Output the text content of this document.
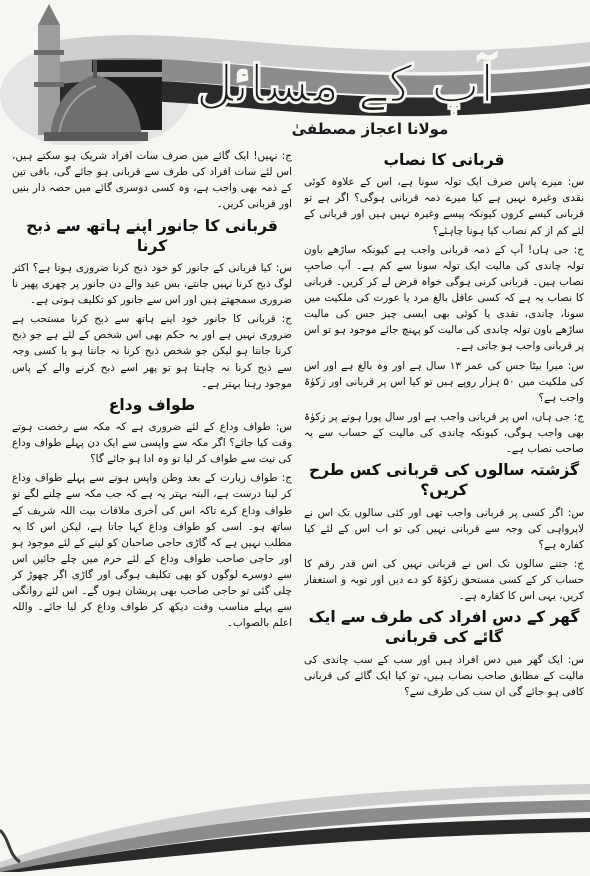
آپ کے مسائل
مولانا اعجاز مصطفیٰ
قربانی کا نصاب

س: میرے پاس صرف ایک تولہ سونا ہے، اس کے علاوہ کوئی نقدی وغیرہ نہیں ہے کیا میرے ذمہ قربانی ہوگی؟ اگر ہے تو قربانی کیسے کروں کیونکہ پیسے وغیرہ نہیں ہیں اور قربانی کے لئے کم از کم نصاب کیا ہونا چاہئے؟

ج: جی ہاں! آپ کے ذمہ قربانی واجب ہے کیونکہ ساڑھے باون تولہ چاندی کی مالیت ایک تولہ سونا سے کم ہے۔ آپ صاحبِ نصاب ہیں۔ قربانی کرنی ہوگی خواہ قرض لے کر کریں۔ قربانی کا نصاب یہ ہے کہ کسی عاقل بالغ مرد یا عورت کی ملکیت میں سونا، چاندی، نقدی یا کوئی بھی ایسی چیز جس کی مالیت ساڑھے باون تولہ چاندی کی مالیت کو پہنچ جائے موجود ہو تو اس پر قربانی واجب ہو جاتی ہے۔

س: میرا بیٹا جس کی عمر ۱۳ سال ہے اور وہ بالغ ہے اور اس کی ملکیت میں ۵۰ ہزار روپے ہیں تو کیا اس پر قربانی اور زکوٰۃ واجب ہے؟

ج: جی ہاں، اس پر قربانی واجب ہے اور سال پورا ہونے پر زکوٰۃ بھی واجب ہوگی، کیونکہ چاندی کی مالیت کے حساب سے یہ صاحب نصاب ہے۔

گزشتہ سالوں کی قربانی کس طرح کریں؟

س: اگر کسی پر قربانی واجب تھی اور کئی سالوں تک اس نے لاپرواہی کی وجہ سے قربانی نہیں کی تو اب اس کے لئے کیا کفارہ ہے؟

ج: جتنے سالوں تک اس نے قربانی نہیں کی اس قدر رقم کا حساب کر کے کسی مستحق زکوٰۃ کو دے دیں اور توبہ و استغفار کریں، یہی اس کا کفارہ ہے۔

گھر کے دس افراد کی طرف سے ایک گائے کی قربانی

س: ایک گھر میں دس افراد ہیں اور سب کے سب چاندی کی مالیت کے مطابق صاحب نصاب ہیں، تو کیا ایک گائے کی قربانی کافی ہو جائے گی ان سب کی طرف سے؟

ج: نہیں! ایک گائے میں صرف سات افراد شریک ہو سکتے ہیں، اس لئے سات افراد کی طرف سے قربانی ہو جائے گی، باقی تین کے ذمہ بھی واجب ہے، وہ کسی دوسری گائے میں حصہ دار بنیں اور قربانی کریں۔

قربانی کا جانور اپنے ہاتھ سے ذبح کرنا

س: کیا قربانی کے جانور کو خود ذبح کرنا ضروری ہوتا ہے؟ اکثر لوگ ذبح کرنا نہیں جانتے، بس عید والے دن جانور پر چھری پھیر نا ضروری سمجھتے ہیں اور اس سے جانور کو تکلیف ہوتی ہے۔

ج: قربانی کا جانور خود اپنے ہاتھ سے ذبح کرنا مستحب ہے ضروری نہیں ہے اور یہ حکم بھی اس شخص کے لئے ہے جو ذبح کرنا جانتا ہو لیکن جو شخص ذبح کرنا نہ جانتا ہو یا کسی وجہ سے ذبح کرنا نہ چاہتا ہو تو پھر اسے ذبح کرنے والے کے پاس موجود رہنا بہتر ہے۔

طواف وداع

س: طواف وداع کے لئے ضروری ہے کہ مکہ سے رخصت ہوتے وقت کیا جائے؟ اگر مکہ سے واپسی سے ایک دن پہلے طواف وداع کی نیت سے طواف کر لیا تو وہ ادا ہو جائے گا؟

ج: طواف زیارت کے بعد وطن واپس ہونے سے پہلے طواف وداع کر لینا درست ہے، البتہ بہتر یہ ہے کہ جب مکہ سے چلنے لگے تو طواف وداع کرے تاکہ اس کی آخری ملاقات بیت اللہ شریف کے ساتھ ہو۔ اسی کو طواف وداع کہا جاتا ہے، لیکن اس کا یہ مطلب نہیں ہے کہ گاڑی حاجی صاحبان کو لینے کے لئے موجود ہو اور حاجی صاحب طواف وداع کے لئے حرم میں چلے جائیں اس سے دوسرے لوگوں کو بھی تکلیف ہوگی اور گاڑی اگر چھوڑ کر چلی گئی تو حاجی صاحب بھی پریشان ہوں گے۔ اس لئے روانگی سے پہلے مناسب وقت دیکھ کر طواف وداع کر لیا جائے۔ واللہ اعلم بالصواب۔
